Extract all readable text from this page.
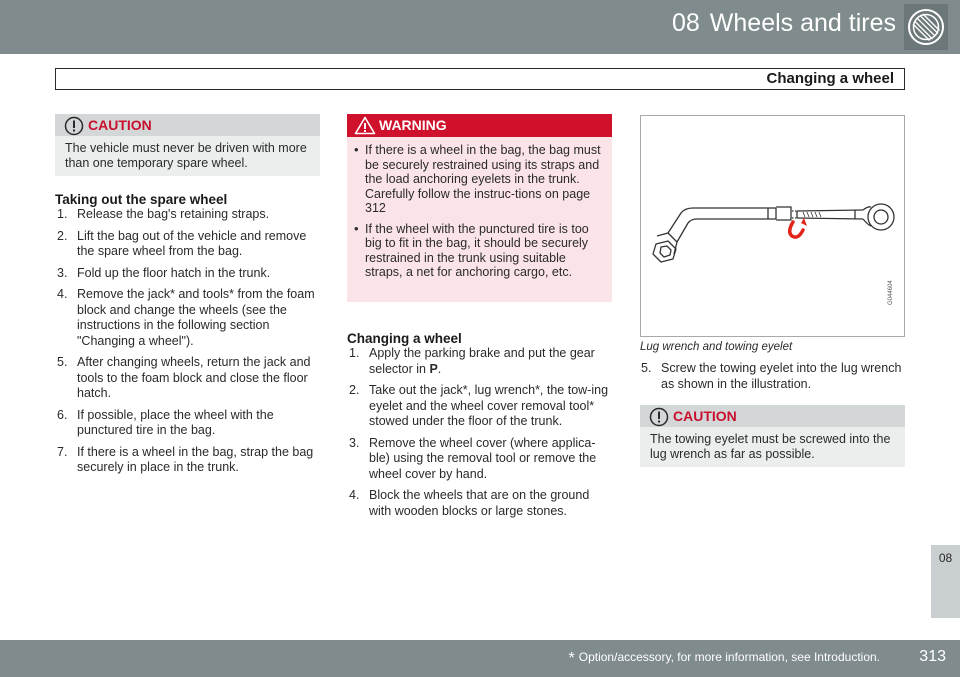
08 Wheels and tires
Changing a wheel
CAUTION
The vehicle must never be driven with more than one temporary spare wheel.
Taking out the spare wheel
1. Release the bag's retaining straps.
2. Lift the bag out of the vehicle and remove the spare wheel from the bag.
3. Fold up the floor hatch in the trunk.
4. Remove the jack* and tools* from the foam block and change the wheels (see the instructions in the following section "Changing a wheel").
5. After changing wheels, return the jack and tools to the foam block and close the floor hatch.
6. If possible, place the wheel with the punctured tire in the bag.
7. If there is a wheel in the bag, strap the bag securely in place in the trunk.
WARNING
• If there is a wheel in the bag, the bag must be securely restrained using its straps and the load anchoring eyelets in the trunk. Carefully follow the instruc-tions on page 312
• If the wheel with the punctured tire is too big to fit in the bag, it should be securely restrained in the trunk using suitable straps, a net for anchoring cargo, etc.
Changing a wheel
1. Apply the parking brake and put the gear selector in P.
2. Take out the jack*, lug wrench*, the tow-ing eyelet and the wheel cover removal tool* stowed under the floor of the trunk.
3. Remove the wheel cover (where applica-ble) using the removal tool or remove the wheel cover by hand.
4. Block the wheels that are on the ground with wooden blocks or large stones.
G044604
Lug wrench and towing eyelet
5. Screw the towing eyelet into the lug wrench as shown in the illustration.
CAUTION
The towing eyelet must be screwed into the lug wrench as far as possible.
08
* Option/accessory, for more information, see Introduction. 313
